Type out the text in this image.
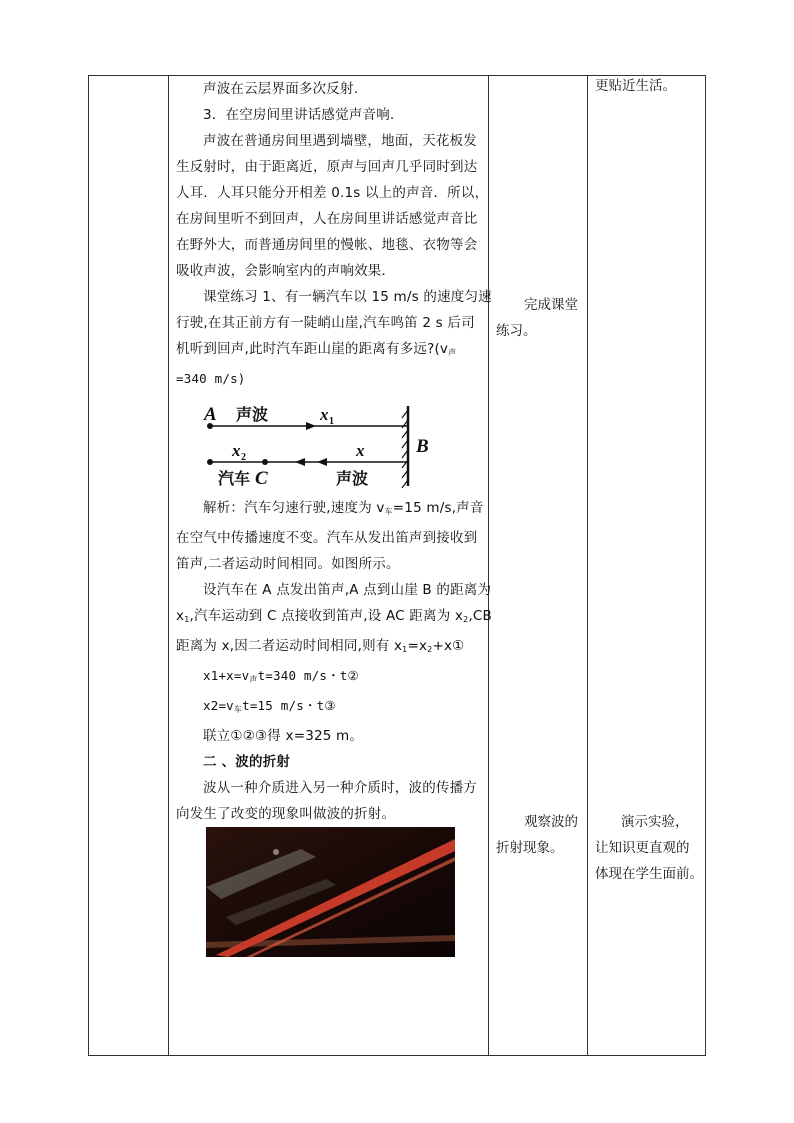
声波在云层界面多次反射.
3．在空房间里讲话感觉声音响.
声波在普通房间里遇到墙壁，地面，天花板发
生反射时，由于距离近，原声与回声几乎同时到达
人耳．人耳只能分开相差 0.1s 以上的声音．所以，
在房间里听不到回声，人在房间里讲话感觉声音比
在野外大，而普通房间里的慢帐、地毯、衣物等会
吸收声波，会影响室内的声响效果．
课堂练习 1、有一辆汽车以 15 m/s 的速度匀速
行驶,在其正前方有一陡峭山崖,汽车鸣笛 2 s 后司
机听到回声,此时汽车距山崖的距离有多远$?(v_声$
=340 m/s)
A 声波	x 1
x 2	x	B
汽车 C	声波
解析：汽车匀速行驶,速度为 $v_车=15$ m/s,声音
在空气中传播速度不变。汽车从发出笛声到接收到
笛声,二者运动时间相同。如图所示。
设汽车在 A 点发出笛声,A 点到山崖 B 的距离为
$x_1$,汽车运动到 C 点接收到笛声,设 AC 距离为 $x_2,CB$
距离为 x,因二者运动时间相同,则有 $x_1=x_2+x①$
$x1+x=v_声t=340$ m/s・t②
$x2=v_车t=15$ m/s・t③
联立①②③得 x=325 m。
二 、波的折射
波从一种介质进入另一种介质时，波的传播方
向发生了改变的现象叫做波的折射。
完成课堂
练习。
观察波的
折射现象。
更贴近生活。
演示实验，
让知识更直观的
体现在学生面前。
